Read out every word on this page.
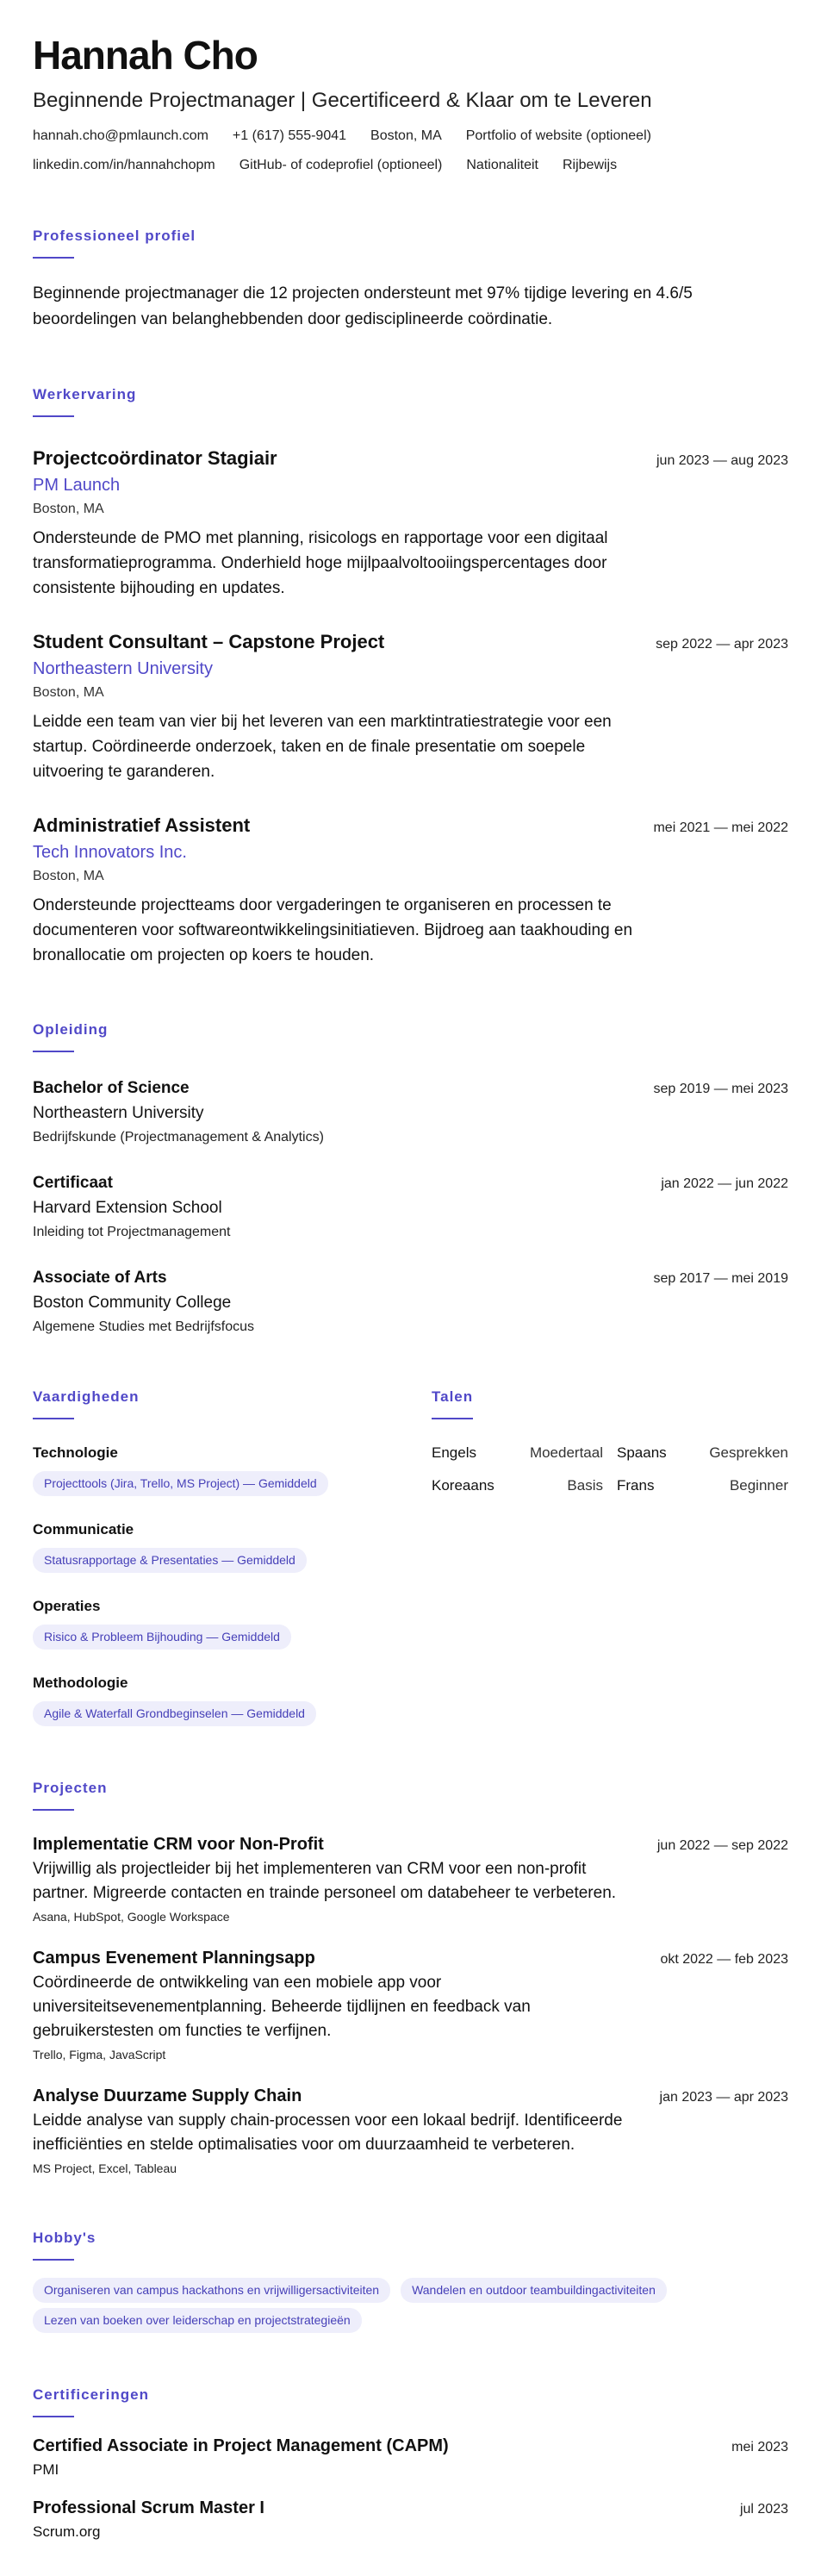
Hannah Cho
Beginnende Projectmanager | Gecertificeerd & Klaar om te Leveren
hannah.cho@pmlaunch.com +1 (617) 555-9041 Boston, MA Portfolio of website (optioneel)
linkedin.com/in/hannahchopm GitHub- of codeprofiel (optioneel) Nationaliteit Rijbewijs
Professioneel profiel

Beginnende projectmanager die 12 projecten ondersteunt met 97% tijdige levering en 4.6/5 beoordelingen van belanghebbenden door gedisciplineerde coördinatie.

Werkervaring
Projectcoördinator Stagiair	jun 2023 — aug 2023
PM Launch
Boston, MA

Ondersteunde de PMO met planning, risicologs en rapportage voor een digitaal transformatieprogramma. Onderhield hoge mijlpaalvoltooiingspercentages door consistente bijhouding en updates.

Student Consultant – Capstone Project	sep 2022 — apr 2023
Northeastern University
Boston, MA

Leidde een team van vier bij het leveren van een marktintratiestrategie voor een startup. Coördineerde onderzoek, taken en de finale presentatie om soepele uitvoering te garanderen.

Administratief Assistent	mei 2021 — mei 2022
Tech Innovators Inc.
Boston, MA

Ondersteunde projectteams door vergaderingen te organiseren en processen te documenteren voor softwareontwikkelingsinitiatieven. Bijdroeg aan taakhouding en bronallocatie om projecten op koers te houden.

Opleiding
Bachelor of Science	sep 2019 — mei 2023
Northeastern University
Bedrijfskunde (Projectmanagement & Analytics)
Certificaat	jan 2022 — jun 2022
Harvard Extension School
Inleiding tot Projectmanagement
Associate of Arts	sep 2017 — mei 2019
Boston Community College
Algemene Studies met Bedrijfsfocus
Vaardigheden
Technologie
Projecttools (Jira, Trello, MS Project) — Gemiddeld
Communicatie
Statusrapportage & Presentaties — Gemiddeld
Operaties
Risico & Probleem Bijhouding — Gemiddeld
Methodologie
Agile & Waterfall Grondbeginselen — Gemiddeld
Talen
Engels	Moedertaal Spaans	Gesprekken
Koreaans	Basis Frans	Beginner
Projecten
Implementatie CRM voor Non-Profit	jun 2022 — sep 2022

Vrijwillig als projectleider bij het implementeren van CRM voor een non-profit partner. Migreerde contacten en trainde personeel om databeheer te verbeteren.

Asana, HubSpot, Google Workspace
Campus Evenement Planningsapp	okt 2022 — feb 2023

Coördineerde de ontwikkeling van een mobiele app voor universiteitsevenementplanning. Beheerde tijdlijnen en feedback van gebruikerstesten om functies te verfijnen.

Trello, Figma, JavaScript
Analyse Duurzame Supply Chain	jan 2023 — apr 2023

Leidde analyse van supply chain-processen voor een lokaal bedrijf. Identificeerde inefficiënties en stelde optimalisaties voor om duurzaamheid te verbeteren.

MS Project, Excel, Tableau
Hobby's
Organiseren van campus hackathons en vrijwilligersactiviteiten	Wandelen en outdoor teambuildingactiviteiten
Lezen van boeken over leiderschap en projectstrategieën
Certificeringen
Certified Associate in Project Management (CAPM)	mei 2023
PMI
Professional Scrum Master I	jul 2023
Scrum.org
